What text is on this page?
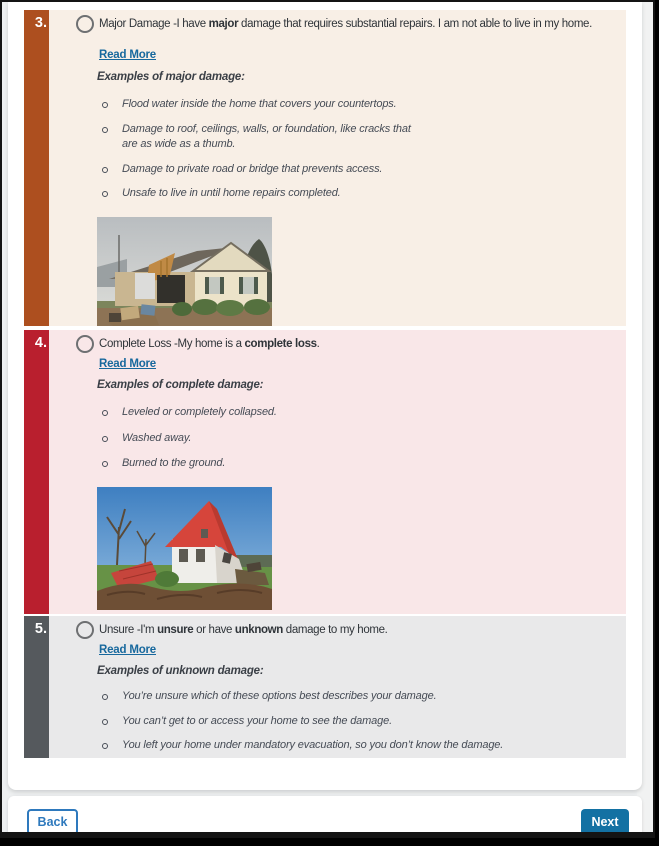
3.	Major Damage -I have major damage that requires substantial repairs. I am not able to live in my home.
Read More
Examples of major damage:
Flood water inside the home that covers your countertops.
Damage to roof, ceilings, walls, or foundation, like cracks that are as wide as a thumb.
Damage to private road or bridge that prevents access.
Unsafe to live in until home repairs completed.
4.	Complete Loss -My home is a complete loss.
Read More
Examples of complete damage:
Leveled or completely collapsed.
Washed away.
Burned to the ground.
5.	Unsure -I'm unsure or have unknown damage to my home.
Read More
Examples of unknown damage:
You’re unsure which of these options best describes your damage.
You can’t get to or access your home to see the damage.
You left your home under mandatory evacuation, so you don’t know the damage.
Back	Next
